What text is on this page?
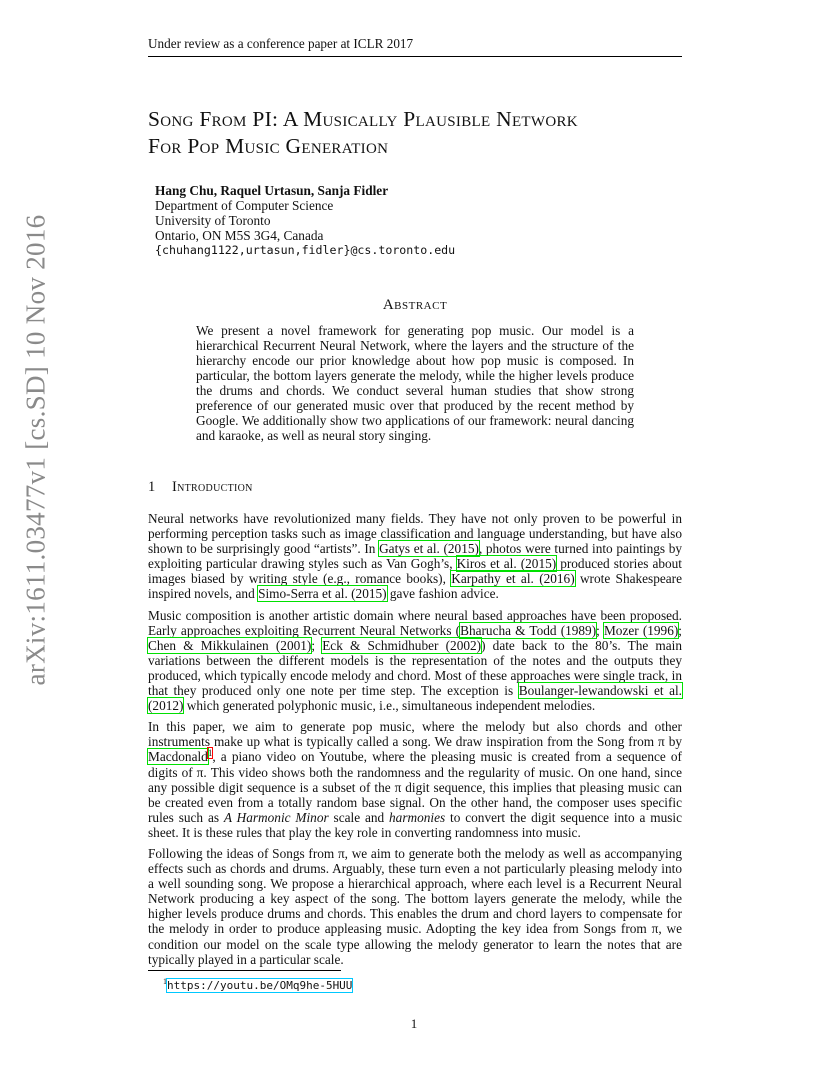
Under review as a conference paper at ICLR 2017
arXiv:1611.03477v1 [cs.SD] 10 Nov 2016
Song From PI: A Musically Plausible Network
For Pop Music Generation
Hang Chu, Raquel Urtasun, Sanja Fidler
Department of Computer Science
University of Toronto
Ontario, ON M5S 3G4, Canada
{chuhang1122,urtasun,fidler}@cs.toronto.edu
Abstract
We present a novel framework for generating pop music. Our model is a hierarchical Recurrent Neural Network, where the layers and the structure of the hierarchy encode our prior knowledge about how pop music is composed. In particular, the bottom layers generate the melody, while the higher levels produce the drums and chords. We conduct several human studies that show strong preference of our generated music over that produced by the recent method by Google. We additionally show two applications of our framework: neural dancing and karaoke, as well as neural story singing.
1 Introduction

Neural networks have revolutionized many fields. They have not only proven to be powerful in performing perception tasks such as image classification and language understanding, but have also shown to be surprisingly good “artists”. In Gatys et al. (2015), photos were turned into paintings by exploiting particular drawing styles such as Van Gogh’s, Kiros et al. (2015) produced stories about images biased by writing style (e.g., romance books), Karpathy et al. (2016) wrote Shakespeare inspired novels, and Simo-Serra et al. (2015) gave fashion advice.

Music composition is another artistic domain where neural based approaches have been proposed. Early approaches exploiting Recurrent Neural Networks (Bharucha & Todd (1989); Mozer (1996); Chen & Mikkulainen (2001); Eck & Schmidhuber (2002)) date back to the 80’s. The main variations between the different models is the representation of the notes and the outputs they produced, which typically encode melody and chord. Most of these approaches were single track, in that they produced only one note per time step. The exception is Boulanger-lewandowski et al. (2012) which generated polyphonic music, i.e., simultaneous independent melodies.

In this paper, we aim to generate pop music, where the melody but also chords and other instruments make up what is typically called a song. We draw inspiration from the Song from π by Macdonald$^1$, a piano video on Youtube, where the pleasing music is created from a sequence of digits of π. This video shows both the randomness and the regularity of music. On one hand, since any possible digit sequence is a subset of the π digit sequence, this implies that pleasing music can be created even from a totally random base signal. On the other hand, the composer uses specific rules such as A Harmonic Minor scale and harmonies to convert the digit sequence into a music sheet. It is these rules that play the key role in converting randomness into music.

Following the ideas of Songs from π, we aim to generate both the melody as well as accompanying effects such as chords and drums. Arguably, these turn even a not particularly pleasing melody into a well sounding song. We propose a hierarchical approach, where each level is a Recurrent Neural Network producing a key aspect of the song. The bottom layers generate the melody, while the higher levels produce drums and chords. This enables the drum and chord layers to compensate for the melody in order to produce appleasing music. Adopting the key idea from Songs from π, we condition our model on the scale type allowing the melody generator to learn the notes that are typically played in a particular scale.

$^1$https://youtu.be/OMq9he-5HUU
1
